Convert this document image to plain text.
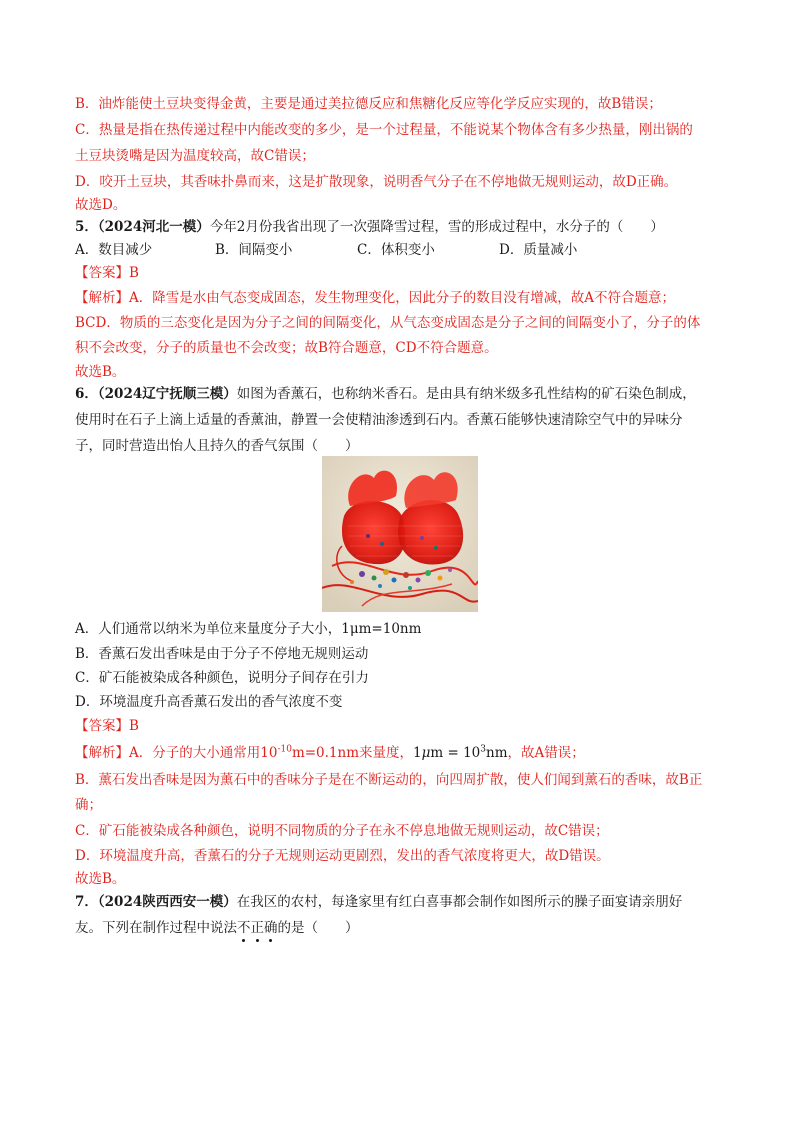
B．油炸能使土豆块变得金黄，主要是通过美拉德反应和焦糖化反应等化学反应实现的，故B错误；
C．热量是指在热传递过程中内能改变的多少，是一个过程量，不能说某个物体含有多少热量，刚出锅的
土豆块烫嘴是因为温度较高，故C错误；
D．咬开土豆块，其香味扑鼻而来，这是扩散现象，说明香气分子在不停地做无规则运动，故D正确。
故选D。
5．（2024河北一模）今年2月份我省出现了一次强降雪过程，雪的形成过程中，水分子的（　　）
A．数目减少	B．间隔变小	C．体积变小	D．质量减小
【答案】B
【解析】A．降雪是水由气态变成固态，发生物理变化，因此分子的数目没有增减，故A不符合题意；
BCD．物质的三态变化是因为分子之间的间隔变化，从气态变成固态是分子之间的间隔变小了，分子的体
积不会改变，分子的质量也不会改变；故B符合题意，CD不符合题意。
故选B。
6．（2024辽宁抚顺三模）如图为香薰石，也称纳米香石。是由具有纳米级多孔性结构的矿石染色制成，
使用时在石子上滴上适量的香薰油，静置一会使精油渗透到石内。香薰石能够快速清除空气中的异味分
子，同时营造出怡人且持久的香气氛围（　　）
A．人们通常以纳米为单位来量度分子大小，1μm=10nm
B．香薰石发出香味是由于分子不停地无规则运动
C．矿石能被染成各种颜色，说明分子间存在引力
D．环境温度升高香薰石发出的香气浓度不变
【答案】B
【解析】A．分子的大小通常用$10^{-10}m=0.1nm$来量度，$1\mu m = 10^3nm$，故A错误；
B．薰石发出香味是因为薰石中的香味分子是在不断运动的，向四周扩散，使人们闻到薰石的香味，故B正
确；
C．矿石能被染成各种颜色，说明不同物质的分子在永不停息地做无规则运动，故C错误；
D．环境温度升高，香薰石的分子无规则运动更剧烈，发出的香气浓度将更大，故D错误。
故选B。
7．（2024陕西西安一模）在我区的农村，每逢家里有红白喜事都会制作如图所示的臊子面宴请亲朋好
友。下列在制作过程中说法不正确的是（　　）
